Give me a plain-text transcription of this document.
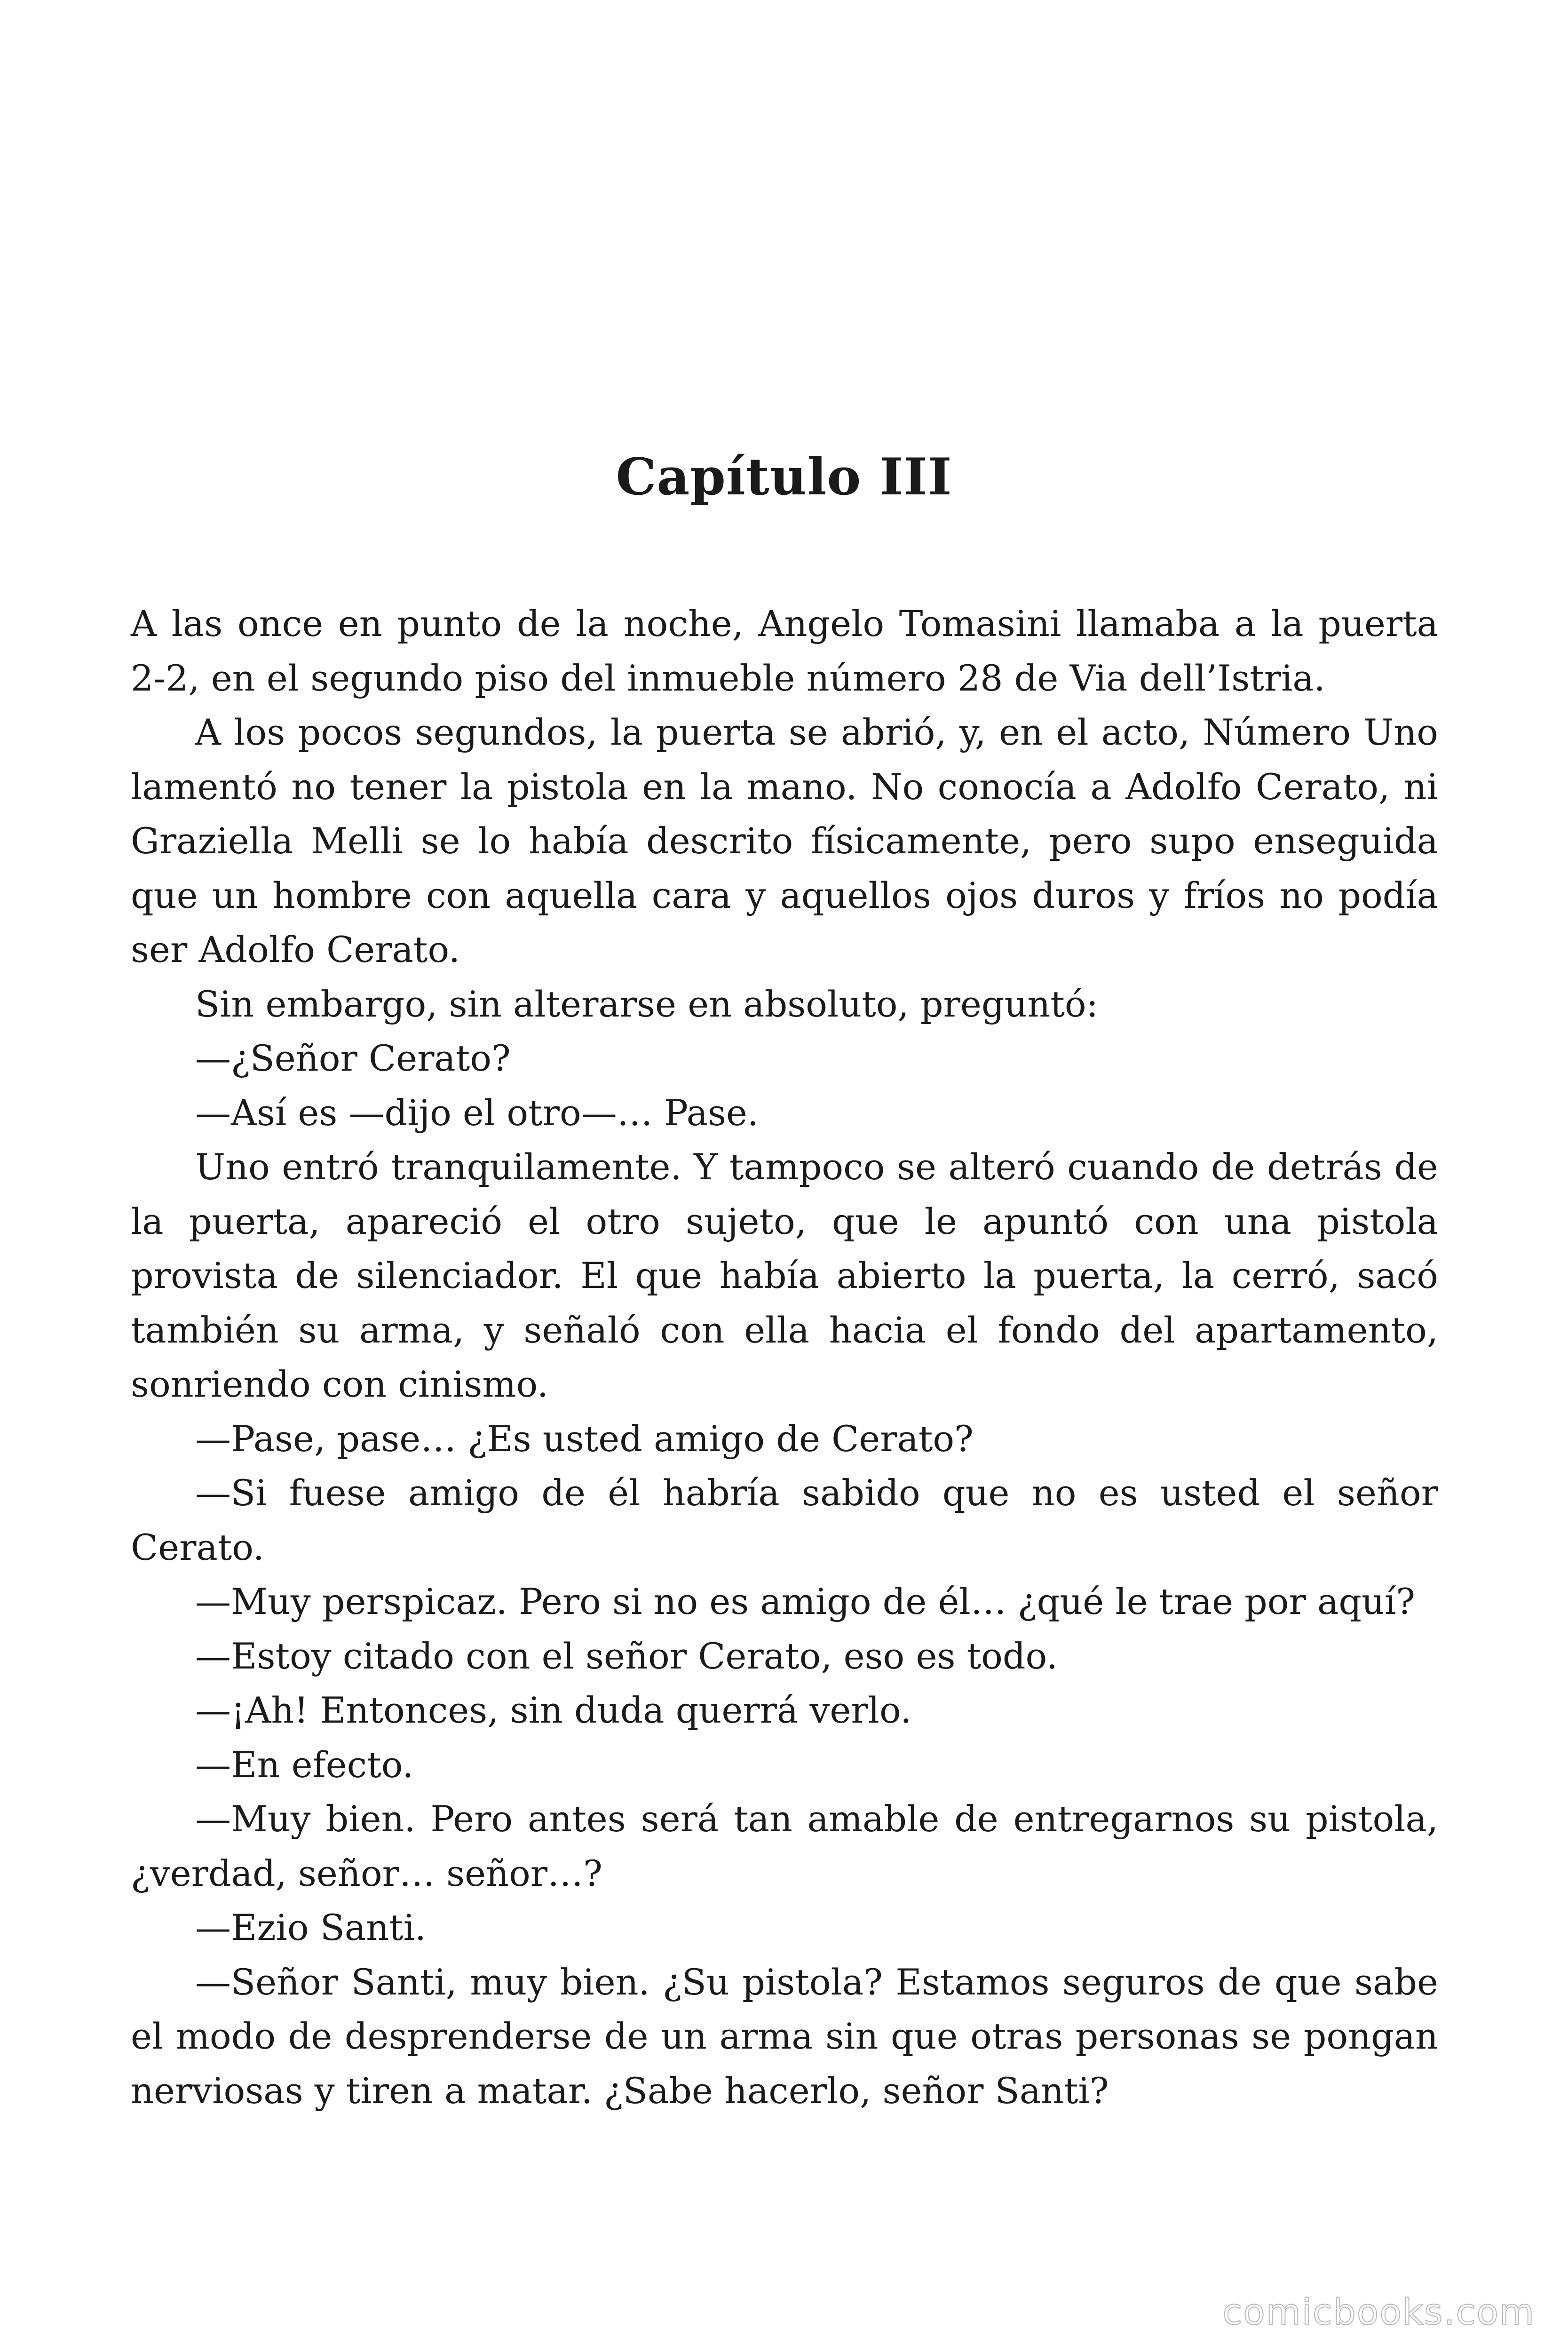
Capítulo III

A las once en punto de la noche, Angelo Tomasini llamaba a la puerta 2-2, en el segundo piso del inmueble número 28 de Via dell’Istria.

A los pocos segundos, la puerta se abrió, y, en el acto, Número Uno lamentó no tener la pistola en la mano. No conocía a Adolfo Cerato, ni Graziella Melli se lo había descrito físicamente, pero supo enseguida que un hombre con aquella cara y aquellos ojos duros y fríos no podía ser Adolfo Cerato.

Sin embargo, sin alterarse en absoluto, preguntó:

—¿Señor Cerato?

—Así es —dijo el otro—… Pase.

Uno entró tranquilamente. Y tampoco se alteró cuando de detrás de la puerta, apareció el otro sujeto, que le apuntó con una pistola provista de silenciador. El que había abierto la puerta, la cerró, sacó también su arma, y señaló con ella hacia el fondo del apartamento, sonriendo con cinismo.

—Pase, pase… ¿Es usted amigo de Cerato?

—Si fuese amigo de él habría sabido que no es usted el señor Cerato.

—Muy perspicaz. Pero si no es amigo de él… ¿qué le trae por aquí?

—Estoy citado con el señor Cerato, eso es todo.

—¡Ah! Entonces, sin duda querrá verlo.

—En efecto.

—Muy bien. Pero antes será tan amable de entregarnos su pistola, ¿verdad, señor… señor…?

—Ezio Santi.

—Señor Santi, muy bien. ¿Su pistola? Estamos seguros de que sabe el modo de desprenderse de un arma sin que otras personas se pongan nerviosas y tiren a matar. ¿Sabe hacerlo, señor Santi?

comicbooks.com
